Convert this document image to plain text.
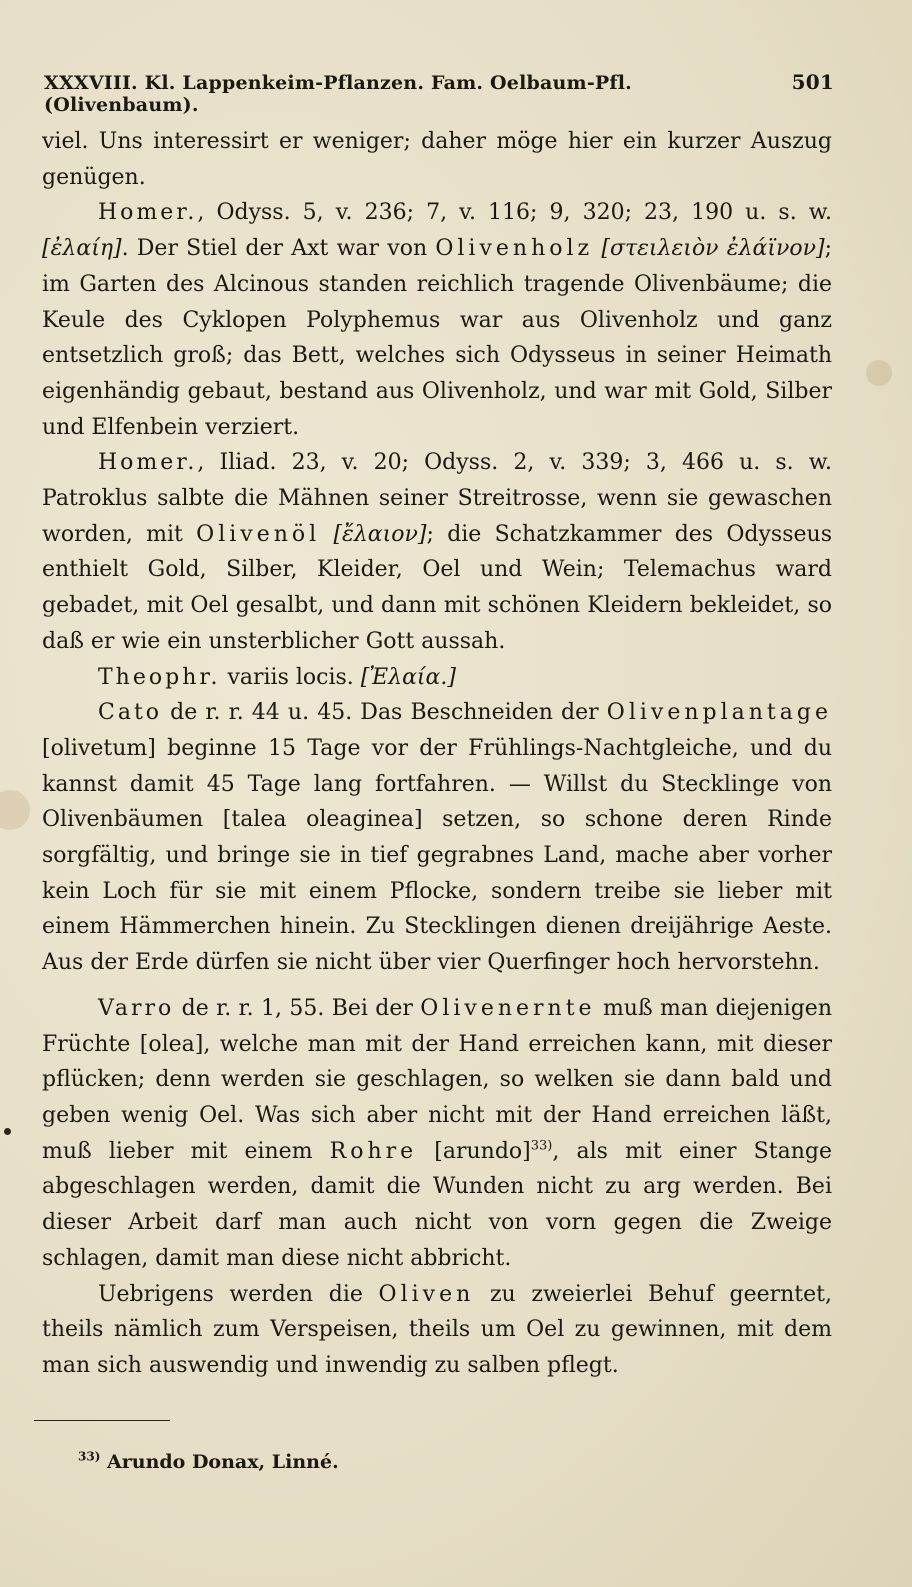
XXXVIII. Kl. Lappenkeim-Pflanzen. Fam. Oelbaum-Pfl. (Olivenbaum).
501

viel. Uns interessirt er weniger; daher möge hier ein kurzer Auszug genügen.

Homer., Odyss. 5, v. 236; 7, v. 116; 9, 320; 23, 190 u. s. w. [ἐλαίη]. Der Stiel der Axt war von Olivenholz [στειλειὸν ἐλάϊνον]; im Garten des Alcinous standen reichlich tragende Olivenbäume; die Keule des Cyklopen Polyphemus war aus Olivenholz und ganz entsetzlich groß; das Bett, welches sich Odysseus in seiner Heimath eigenhändig gebaut, bestand aus Olivenholz, und war mit Gold, Silber und Elfenbein verziert.

Homer., Iliad. 23, v. 20; Odyss. 2, v. 339; 3, 466 u. s. w. Patroklus salbte die Mähnen seiner Streitrosse, wenn sie gewaschen worden, mit Olivenöl [ἔλαιον]; die Schatzkammer des Odysseus enthielt Gold, Silber, Kleider, Oel und Wein; Telemachus ward gebadet, mit Oel gesalbt, und dann mit schönen Kleidern bekleidet, so daß er wie ein unsterblicher Gott aussah.

Theophr. variis locis. [Ἐλαία.]

Cato de r. r. 44 u. 45. Das Beschneiden der Olivenplantage [olivetum] beginne 15 Tage vor der Frühlings-Nachtgleiche, und du kannst damit 45 Tage lang fortfahren. — Willst du Stecklinge von Olivenbäumen [talea oleaginea] setzen, so schone deren Rinde sorgfältig, und bringe sie in tief gegrabnes Land, mache aber vorher kein Loch für sie mit einem Pflocke, sondern treibe sie lieber mit einem Hämmerchen hinein. Zu Stecklingen dienen dreijährige Aeste. Aus der Erde dürfen sie nicht über vier Querfinger hoch hervorstehn.

Varro de r. r. 1, 55. Bei der Olivenernte muß man diejenigen Früchte [olea], welche man mit der Hand erreichen kann, mit dieser pflücken; denn werden sie geschlagen, so welken sie dann bald und geben wenig Oel. Was sich aber nicht mit der Hand erreichen läßt, muß lieber mit einem Rohre [arundo]$^{33)}$, als mit einer Stange abgeschlagen werden, damit die Wunden nicht zu arg werden. Bei dieser Arbeit darf man auch nicht von vorn gegen die Zweige schlagen, damit man diese nicht abbricht.

Uebrigens werden die Oliven zu zweierlei Behuf geerntet, theils nämlich zum Verspeisen, theils um Oel zu gewinnen, mit dem man sich auswendig und inwendig zu salben pflegt.

$^{33)}$ Arundo Donax, Linné.
